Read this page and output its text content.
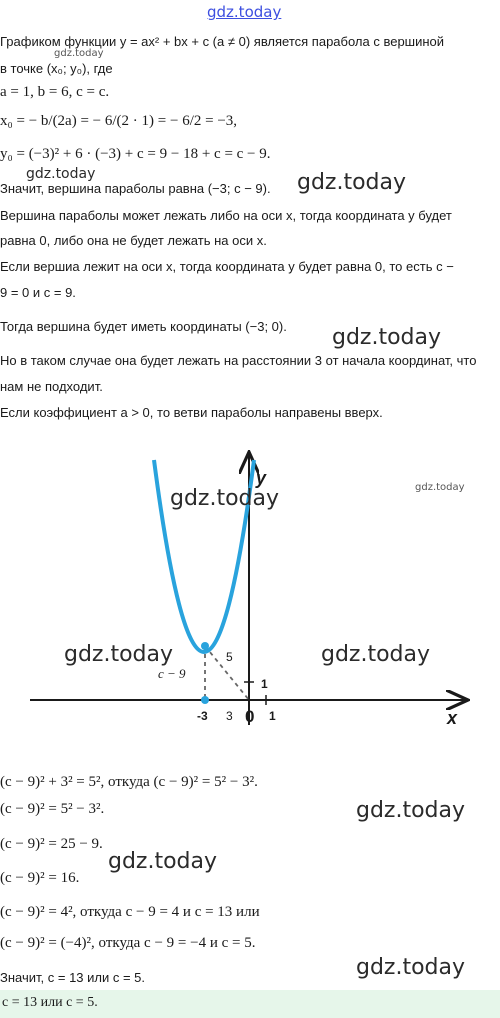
gdz.today
Графиком функции y = ax² + bx + c (a ≠ 0) является парабола с вершиной
в точке (x₀; y₀), где
a = 1, b = 6, c = c.
x₀ = − b/(2a) = − 6/(2 · 1) = − 6/2 = −3,
y₀ = (−3)² + 6 · (−3) + c = 9 − 18 + c = c − 9.
Значит, вершина параболы равна (−3; c − 9).
Вершина параболы может лежать либо на оси x, тогда координата y будет
равна 0, либо она не будет лежать на оси x.
Если вершиа лежит на оси x, тогда координата y будет равна 0, то есть c −
9 = 0 и c = 9.
Тогда вершина будет иметь координаты (−3; 0).
Но в таком случае она будет лежать на расстоянии 3 от начала координат, что
нам не подходит.
Если коэффициент a > 0, то ветви параболы направены вверх.
y
x
0 1
1
-3 3
5
c − 9
(c − 9)² + 3² = 5², откуда (c − 9)² = 5² − 3².
(c − 9)² = 5² − 3².
(c − 9)² = 25 − 9.
(c − 9)² = 16.
(c − 9)² = 4², откуда c − 9 = 4 и c = 13 или
(c − 9)² = (−4)², откуда c − 9 = −4 и c = 5.
Значит, c = 13 или c = 5.
c = 13 или c = 5.
gdz.today
gdz.today	gdz.today
gdz.today
gdz.today	gdz.today
gdz.today	gdz.today
gdz.today
gdz.today
gdz.today
